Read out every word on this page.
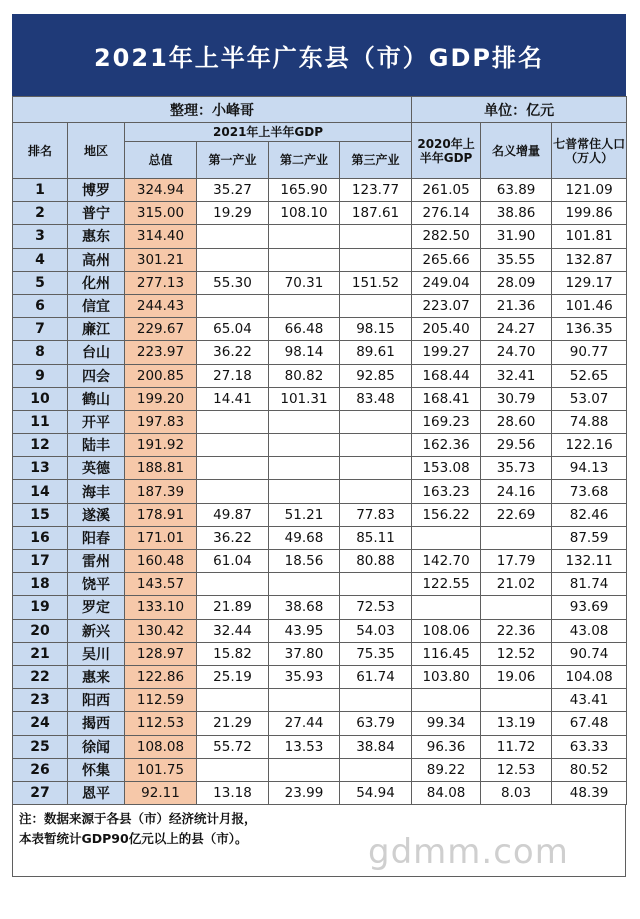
2021年上半年广东县（市）GDP排名
整理：小峰哥						单位：亿元		
排名	地区	2021年上半年GDP				2020年上半年GDP	名义增量	七普常住人口（万人）
		总值	第一产业	第二产业	第三产业			
1	博罗	324.94	35.27	165.90	123.77	261.05	63.89	121.09
2	普宁	315.00	19.29	108.10	187.61	276.14	38.86	199.86
3	惠东	314.40				282.50	31.90	101.81
4	高州	301.21				265.66	35.55	132.87
5	化州	277.13	55.30	70.31	151.52	249.04	28.09	129.17
6	信宜	244.43				223.07	21.36	101.46
7	廉江	229.67	65.04	66.48	98.15	205.40	24.27	136.35
8	台山	223.97	36.22	98.14	89.61	199.27	24.70	90.77
9	四会	200.85	27.18	80.82	92.85	168.44	32.41	52.65
10	鹤山	199.20	14.41	101.31	83.48	168.41	30.79	53.07
11	开平	197.83				169.23	28.60	74.88
12	陆丰	191.92				162.36	29.56	122.16
13	英德	188.81				153.08	35.73	94.13
14	海丰	187.39				163.23	24.16	73.68
15	遂溪	178.91	49.87	51.21	77.83	156.22	22.69	82.46
16	阳春	171.01	36.22	49.68	85.11			87.59
17	雷州	160.48	61.04	18.56	80.88	142.70	17.79	132.11
18	饶平	143.57				122.55	21.02	81.74
19	罗定	133.10	21.89	38.68	72.53			93.69
20	新兴	130.42	32.44	43.95	54.03	108.06	22.36	43.08
21	吴川	128.97	15.82	37.80	75.35	116.45	12.52	90.74
22	惠来	122.86	25.19	35.93	61.74	103.80	19.06	104.08
23	阳西	112.59						43.41
24	揭西	112.53	21.29	27.44	63.79	99.34	13.19	67.48
25	徐闻	108.08	55.72	13.53	38.84	96.36	11.72	63.33
26	怀集	101.75				89.22	12.53	80.52
27	恩平	92.11	13.18	23.99	54.94	84.08	8.03	48.39
注：数据来源于各县（市）经济统计月报，
本表暂统计GDP90亿元以上的县（市）。	gdmm.com
